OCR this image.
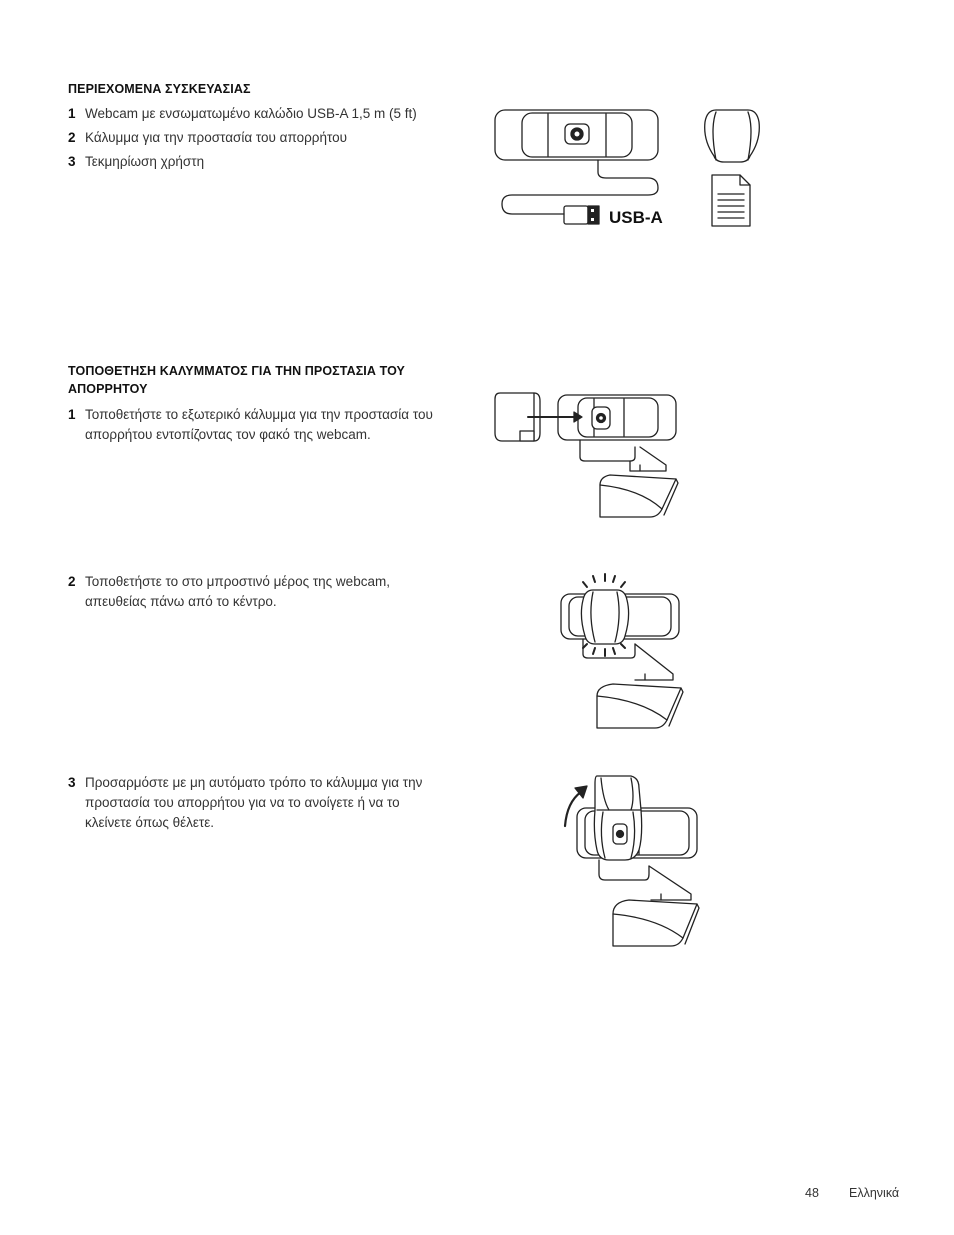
ΠΕΡΙΕΧΟΜΕΝΑ ΣΥΣΚΕΥΑΣΙΑΣ
1 Webcam με ενσωματωμένο καλώδιο USB-A 1,5 m (5 ft)
2 Κάλυμμα για την προστασία του απορρήτου
3 Τεκμηρίωση χρήστη
USB-A
ΤΟΠΟΘΕΤΗΣΗ ΚΑΛΥΜΜΑΤΟΣ ΓΙΑ ΤΗΝ ΠΡΟΣΤΑΣΙΑ ΤΟΥ ΑΠΟΡΡΗΤΟΥ
1 Τοποθετήστε το εξωτερικό κάλυμμα για την προστασία του απορρήτου εντοπίζοντας τον φακό της webcam.
2 Τοποθετήστε το στο μπροστινό μέρος της webcam, απευθείας πάνω από το κέντρο.
3 Προσαρμόστε με μη αυτόματο τρόπο το κάλυμμα για την προστασία του απορρήτου για να το ανοίγετε ή να το κλείνετε όπως θέλετε.
48 Ελληνικά
